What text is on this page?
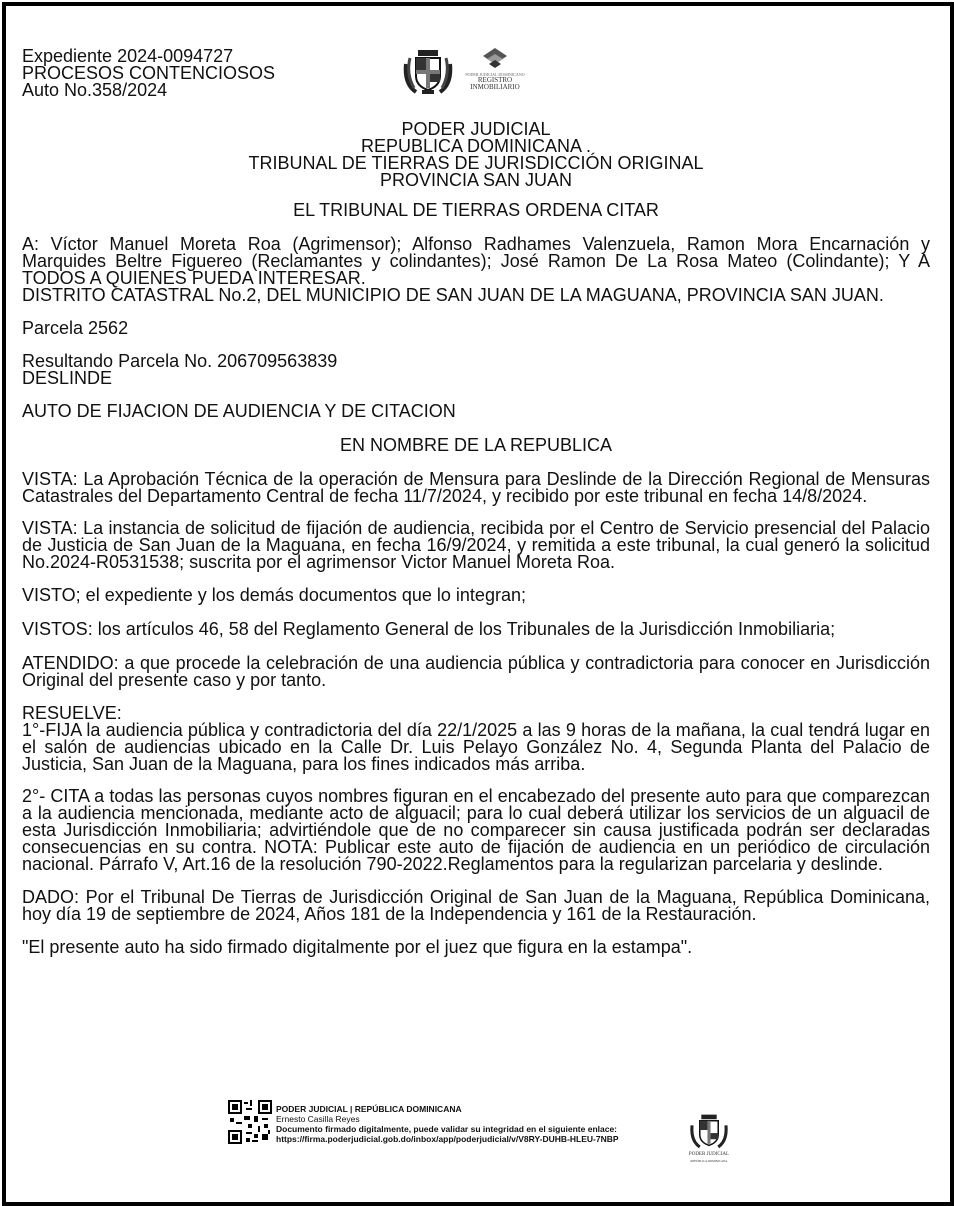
PODER JUDICIAL DOMINICANO
REGISTRO
INMOBILIARIO
Expediente 2024-0094727
PROCESOS CONTENCIOSOS
Auto No.358/2024
PODER JUDICIAL
REPUBLICA DOMINICANA .
TRIBUNAL DE TIERRAS DE JURISDICCIÓN ORIGINAL
PROVINCIA SAN JUAN
EL TRIBUNAL DE TIERRAS ORDENA CITAR

A: Víctor Manuel Moreta Roa (Agrimensor); Alfonso Radhames Valenzuela, Ramon Mora Encarnación y Marquides Beltre Figuereo (Reclamantes y colindantes); José Ramon De La Rosa Mateo (Colindante); Y A TODOS A QUIENES PUEDA INTERESAR.

DISTRITO CATASTRAL No.2, DEL MUNICIPIO DE SAN JUAN DE LA MAGUANA, PROVINCIA SAN JUAN.

Parcela 2562

Resultando Parcela No. 206709563839

DESLINDE

AUTO DE FIJACION DE AUDIENCIA Y DE CITACION

EN NOMBRE DE LA REPUBLICA

VISTA: La Aprobación Técnica de la operación de Mensura para Deslinde de la Dirección Regional de Mensuras Catastrales del Departamento Central de fecha 11/7/2024, y recibido por este tribunal en fecha 14/8/2024.

VISTA: La instancia de solicitud de fijación de audiencia, recibida por el Centro de Servicio presencial del Palacio de Justicia de San Juan de la Maguana, en fecha 16/9/2024, y remitida a este tribunal, la cual generó la solicitud No.2024-R0531538; suscrita por el agrimensor Victor Manuel Moreta Roa.

VISTO; el expediente y los demás documentos que lo integran;

VISTOS: los artículos 46, 58 del Reglamento General de los Tribunales de la Jurisdicción Inmobiliaria;

ATENDIDO: a que procede la celebración de una audiencia pública y contradictoria para conocer en Jurisdicción Original del presente caso y por tanto.

RESUELVE:

1°-FIJA la audiencia pública y contradictoria del día 22/1/2025 a las 9 horas de la mañana, la cual tendrá lugar en el salón de audiencias ubicado en la Calle Dr. Luis Pelayo González No. 4, Segunda Planta del Palacio de Justicia, San Juan de la Maguana, para los fines indicados más arriba.

2°- CITA a todas las personas cuyos nombres figuran en el encabezado del presente auto para que comparezcan a la audiencia mencionada, mediante acto de alguacil; para lo cual deberá utilizar los servicios de un alguacil de esta Jurisdicción Inmobiliaria; advirtiéndole que de no comparecer sin causa justificada podrán ser declaradas consecuencias en su contra. NOTA: Publicar este auto de fijación de audiencia en un periódico de circulación nacional. Párrafo V, Art.16 de la resolución 790-2022.Reglamentos para la regularizan parcelaria y deslinde.

DADO: Por el Tribunal De Tierras de Jurisdicción Original de San Juan de la Maguana, República Dominicana, hoy día 19 de septiembre de 2024, Años 181 de la Independencia y 161 de la Restauración.

"El presente auto ha sido firmado digitalmente por el juez que figura en la estampa".

PODER JUDICIAL | REPÚBLICA DOMINICANA
Ernesto Casilla Reyes
Documento firmado digitalmente, puede validar su integridad en el siguiente enlace:
https://firma.poderjudicial.gob.do/inbox/app/poderjudicial/v/V8RY-DUHB-HLEU-7NBP
PODER JUDICIAL
REPÚBLICA DOMINICANA
